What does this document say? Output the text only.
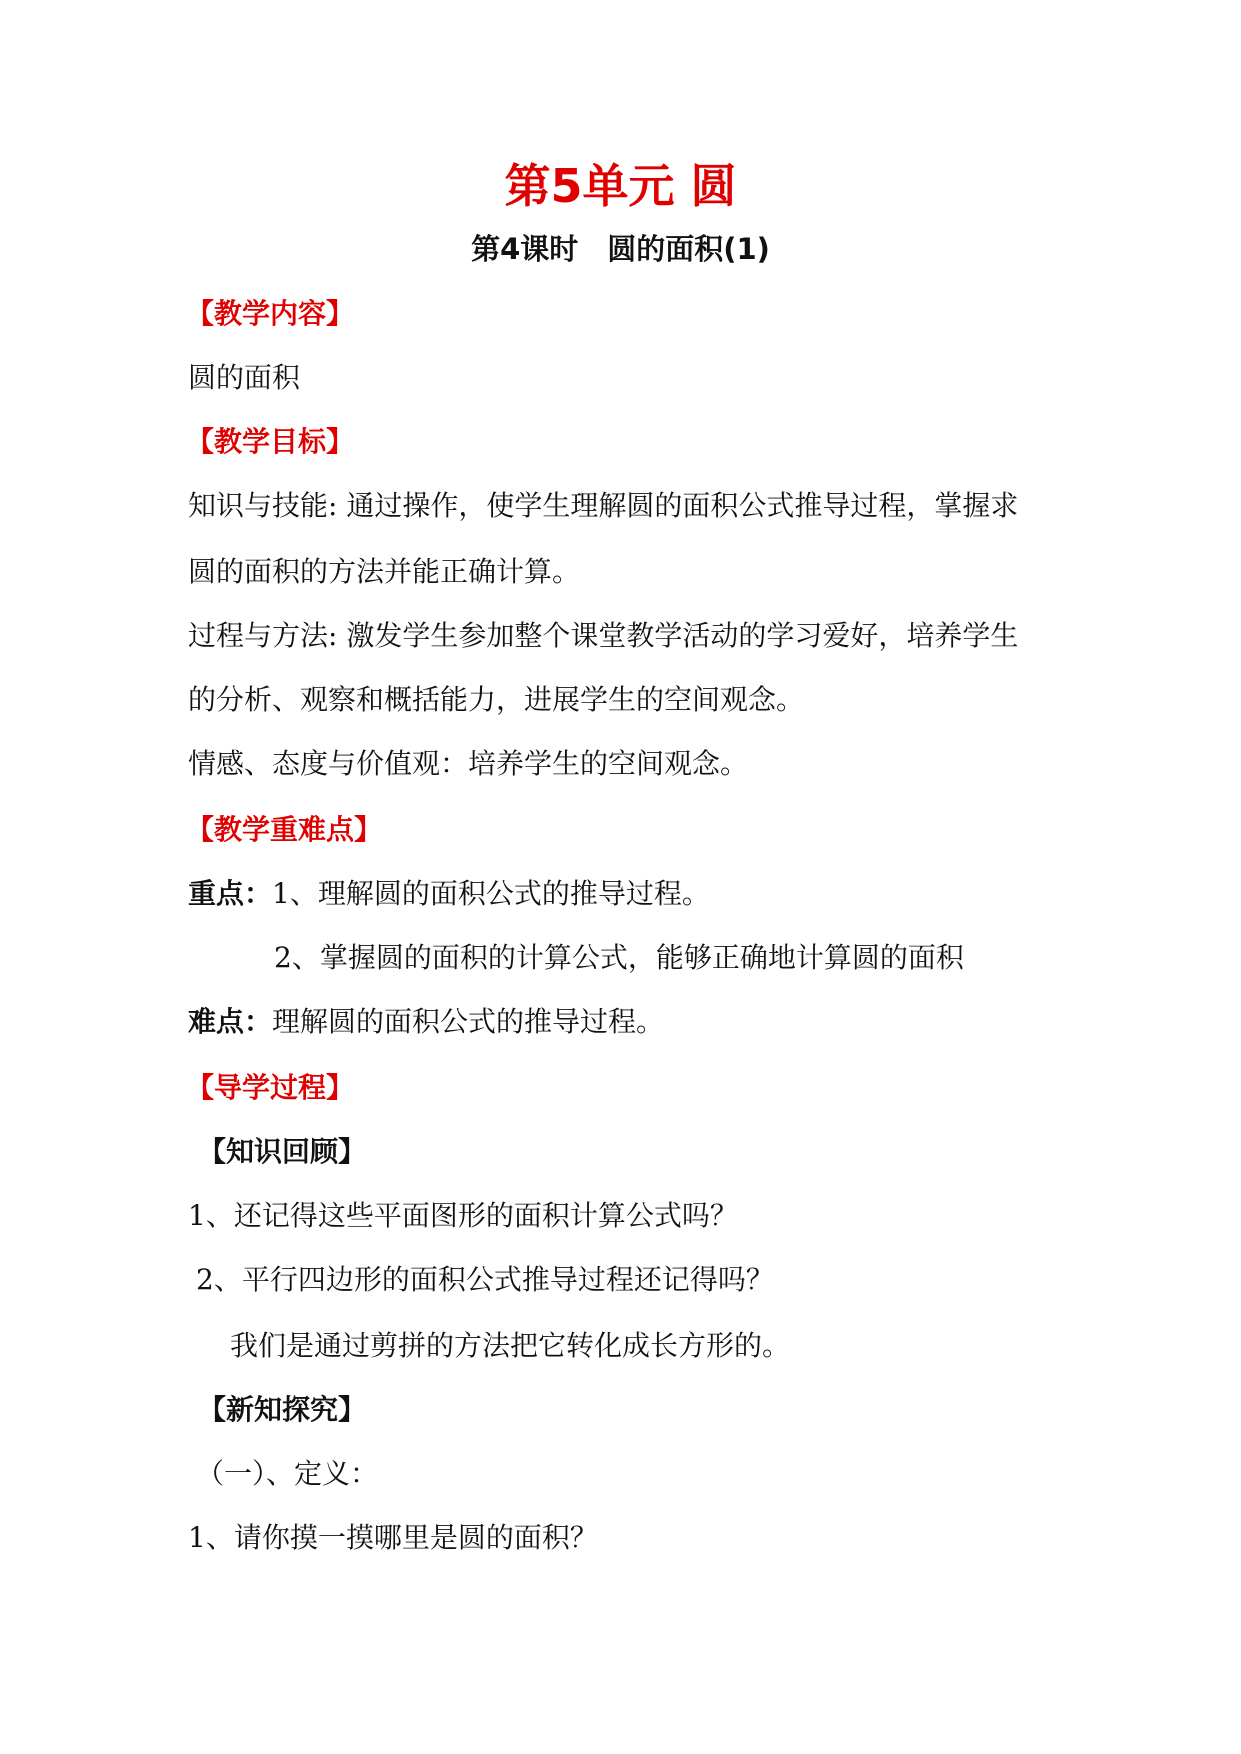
第5单元 圆
第4课时　圆的面积(1)
【教学内容】
圆的面积
【教学目标】
知识与技能: 通过操作，使学生理解圆的面积公式推导过程，掌握求
圆的面积的方法并能正确计算。
过程与方法: 激发学生参加整个课堂教学活动的学习爱好，培养学生
的分析、观察和概括能力，进展学生的空间观念。
情感、态度与价值观：培养学生的空间观念。
【教学重难点】
重点：1、理解圆的面积公式的推导过程。
2、掌握圆的面积的计算公式，能够正确地计算圆的面积
难点：理解圆的面积公式的推导过程。
【导学过程】
【知识回顾】
1、还记得这些平面图形的面积计算公式吗？
2、平行四边形的面积公式推导过程还记得吗？
我们是通过剪拼的方法把它转化成长方形的。
【新知探究】
（一）、定义：
1、请你摸一摸哪里是圆的面积？
